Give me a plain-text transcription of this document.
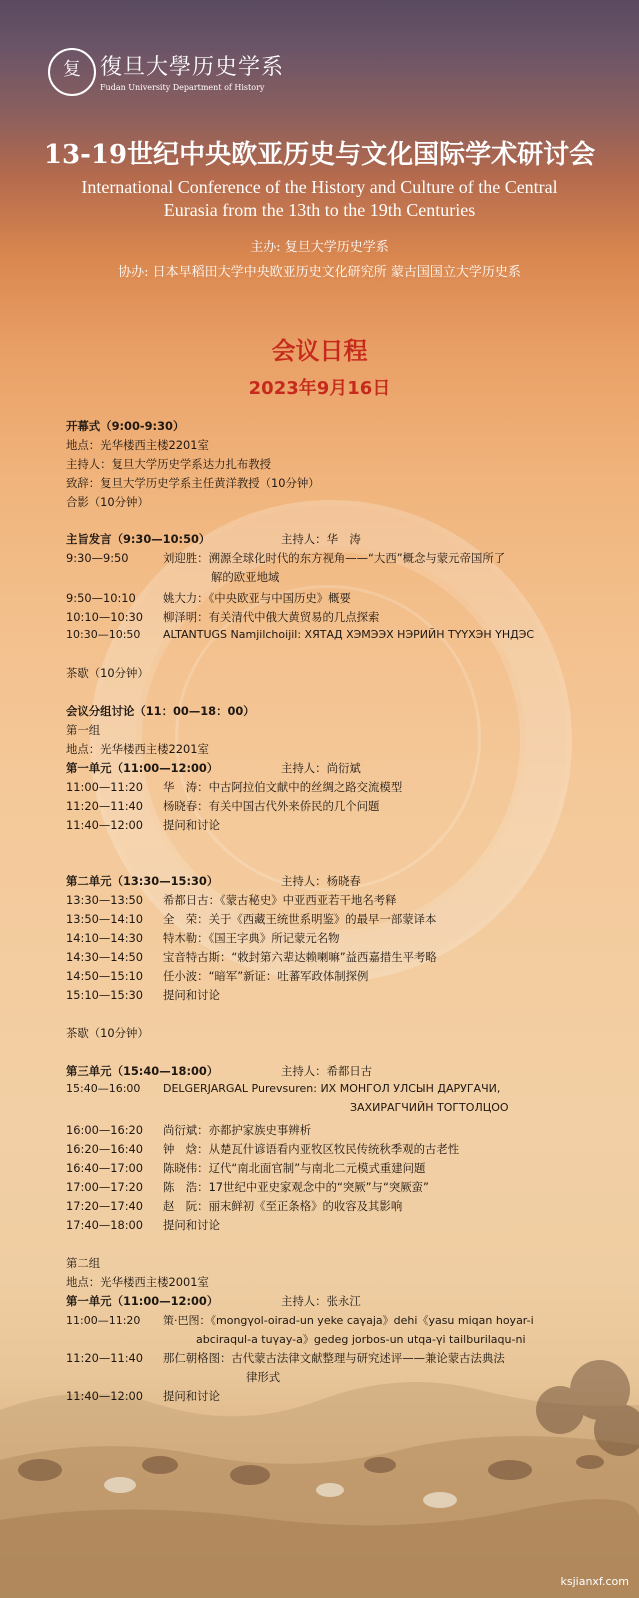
复 復旦大學历史学系
Fudan University Department of History
13-19世纪中央欧亚历史与文化国际学术研讨会
International Conference of the History and Culture of the Central
Eurasia from the 13th to the 19th Centuries
主办: 复旦大学历史学系
协办: 日本早稻田大学中央欧亚历史文化研究所 蒙古国国立大学历史系
会议日程
2023年9月16日
开幕式（9:00-9:30）
地点：光华楼西主楼2201室
主持人：复旦大学历史学系达力扎布教授
致辞：复旦大学历史学系主任黄洋教授（10分钟）
合影（10分钟）
主旨发言（9:30—10:50）	主持人：华　涛
9:30—9:50	刘迎胜：溯源全球化时代的东方视角——“大西”概念与蒙元帝国所了
解的欧亚地域
9:50—10:10 姚大力：《中央欧亚与中国历史》概要
10:10—10:30 柳泽明：有关清代中俄大黄贸易的几点探索
10:30—10:50 ALTANTUGS Namjilchoijil: ХЯТАД ХЭМЭЭХ НЭРИЙН ТҮҮХЭН ҮНДЭС
茶歇（10分钟）
会议分组讨论（11：00—18：00）
第一组
地点：光华楼西主楼2201室
第一单元（11:00—12:00）	主持人：尚衍斌
11:00—11:20 华　涛：中古阿拉伯文献中的丝绸之路交流模型
11:20—11:40 杨晓春：有关中国古代外来侨民的几个问题
11:40—12:00 提问和讨论
第二单元（13:30—15:30）	主持人：杨晓春
13:30—13:50 希都日古：《蒙古秘史》中亚西亚若干地名考释
13:50—14:10 全　荣：关于《西藏王统世系明鉴》的最早一部蒙译本
14:10—14:30 特木勒：《国王字典》所记蒙元名物
14:30—14:50 宝音特古斯：“敕封第六辈达赖喇嘛”益西嘉措生平考略
14:50—15:10 任小波：“暗军”新证：吐蕃军政体制探例
15:10—15:30 提问和讨论
茶歇（10分钟）
第三单元（15:40—18:00）	主持人：希都日古
15:40—16:00 DELGERJARGAL Purevsuren: ИХ МОНГОЛ УЛСЫН ДАРУГАЧИ,
ЗАХИРАГЧИЙН ТОГТОЛЦОО
16:00—16:20 尚衍斌：亦都护家族史事辨析
16:20—16:40 钟　焓：从楚瓦什谚语看内亚牧区牧民传统秋季观的古老性
16:40—17:00 陈晓伟：辽代“南北面官制”与南北二元模式重建问题
17:00—17:20 陈　浩：17世纪中亚史家观念中的“突厥”与“突厥蛮”
17:20—17:40 赵　阮：丽末鲜初《至正条格》的收容及其影响
17:40—18:00 提问和讨论
第二组
地点：光华楼西主楼2001室
第一单元（11:00—12:00）	主持人：张永江
11:00—11:20 策·巴图：《mongγol-oirad-un yeke caγaja》dehi《yasu miqan hoyar-i
abciraqul-a tuγay-a》gedeg jorbos-un utqa-γi tailburilaqu-ni
11:20—11:40 那仁朝格图：古代蒙古法律文献整理与研究述评——兼论蒙古法典法
律形式
11:40—12:00 提问和讨论
ksjianxf.com
